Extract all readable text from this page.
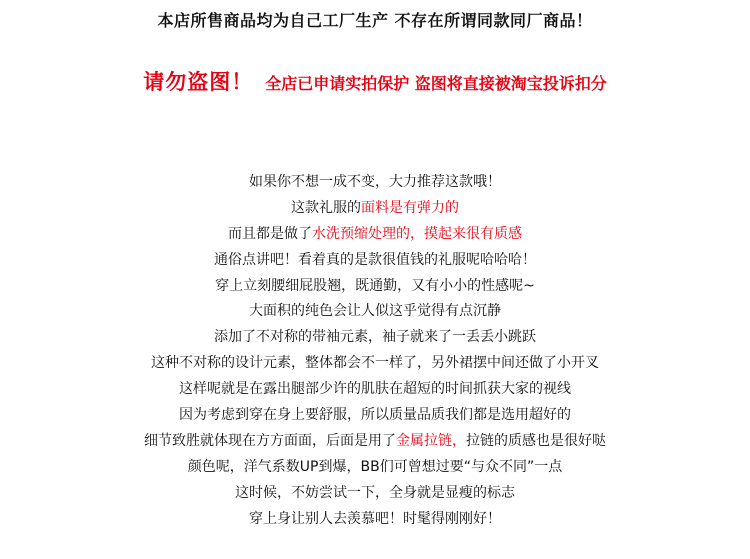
本店所售商品均为自己工厂生产 不存在所谓同款同厂商品！
请勿盗图！ 全店已申请实拍保护 盗图将直接被淘宝投诉扣分
如果你不想一成不变，大力推荐这款哦！
这款礼服的面料是有弹力的
而且都是做了水洗预缩处理的，摸起来很有质感
通俗点讲吧！看着真的是款很值钱的礼服呢哈哈哈！
穿上立刻腰细屁股翘，既通勤，又有小小的性感呢~
大面积的纯色会让人似这乎觉得有点沉静
添加了不对称的带袖元素，袖子就来了一丢丢小跳跃
这种不对称的设计元素，整体都会不一样了，另外裙摆中间还做了小开叉
这样呢就是在露出腿部少许的肌肤在超短的时间抓获大家的视线
因为考虑到穿在身上要舒服，所以质量品质我们都是选用超好的
细节致胜就体现在方方面面，后面是用了金属拉链，拉链的质感也是很好哒
颜色呢，洋气系数UP到爆，BB们可曾想过要“与众不同”一点
这时候，不妨尝试一下，全身就是显瘦的标志
穿上身让别人去羡慕吧！时髦得刚刚好！
